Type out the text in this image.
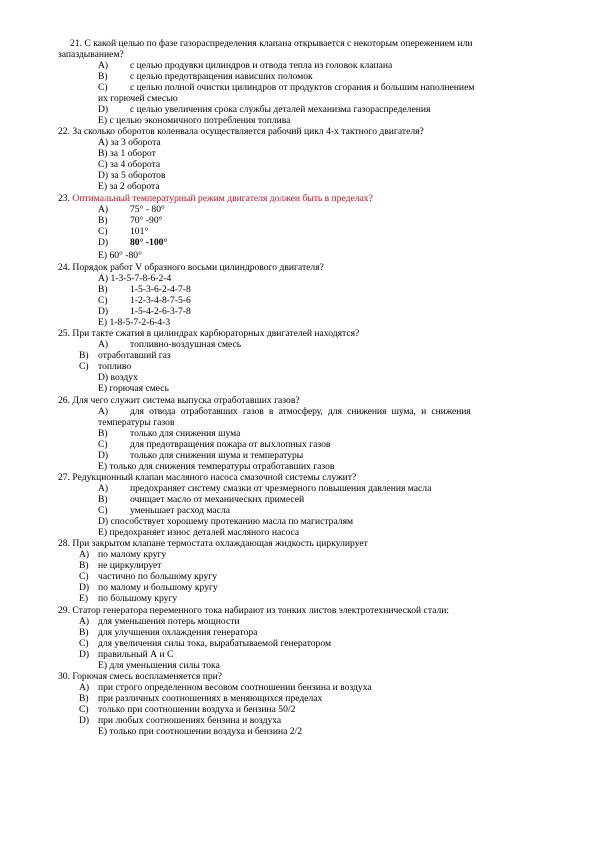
21. С какой целью по фазе газораспределения клапана открывается с некоторым опережением или
запаздыванием?
A) с целью продувки цилиндров и отвода тепла из головок клапана
B) с целью предотвращения нависших поломок
C) с целью полной очистки цилиндров от продуктов сгорания и большим наполнением
их горючей смесью
D) с целью увеличения срока службы деталей механизма газораспределения
E) с целью экономичного потребления топлива
22. За сколько оборотов коленвала осуществляется рабочий цикл 4-х тактного двигателя?
A) за 3 оборота
B) за 1 оборот
C) за 4 оборота
D) за 5 оборотов
E) за 2 оборота
23. Оптимальный температурный режим двигателя должен быть в пределах?
A) 75° - 80°
B) 70° -90°
C) 101°
D) 80° -100°
E) 60° -80°
24. Порядок работ V образного восьми цилиндрового двигателя?
A) 1-3-5-7-8-6-2-4
B) 1-5-3-6-2-4-7-8
C) 1-2-3-4-8-7-5-6
D) 1-5-4-2-6-3-7-8
E) 1-8-5-7-2-6-4-3
25. При такте сжатия в цилиндрах карбюраторных двигателей находятся?
A) топливно-воздушная смесь
B) отработавший газ
C) топливо
D) воздух
E) горючая смесь
26. Для чего служит система выпуска отработавших газов?
A) для отвода отработавших газов в атмосферу, для снижения шума, и снижения
температуры газов
B) только для снижения шума
C) для предотвращения пожара от выхлопных газов
D) только для снижения шума и температуры
E) только для снижения температуры отработавших газов
27. Редукционный клапан масляного насоса смазочной системы служит?
A) предохраняет систему смазки от чрезмерного повышения давления масла
B) очищает масло от механических примесей
C) уменьшает расход масла
D) способствует хорошему протеканию масла по магистралям
E) предохраняет износ деталей масляного насоса
28. При закрытом клапане термостата охлаждающая жидкость циркулирует
A) по малому кругу
B) не циркулирует
C) частично по большому кругу
D) по малому и большому кругу
E) по большому кругу
29. Статор генератора переменного тока набирают из тонких листов электротехнической стали:
A) для уменьшения потерь мощности
B) для улучшения охлаждения генератора
C) для увеличения силы тока, вырабатываемой генератором
D) правильный А и С
E) для уменьшения силы тока
30. Горючая смесь воспламеняется при?
A) при строго определенном весовом соотношении бензина и воздуха
B) при различных соотношениях в меняющихся пределах
C) только при соотношении воздуха и бензина 50/2
D) при любых соотношениях бензина и воздуха
E) только при соотношении воздуха и бензина 2/2
